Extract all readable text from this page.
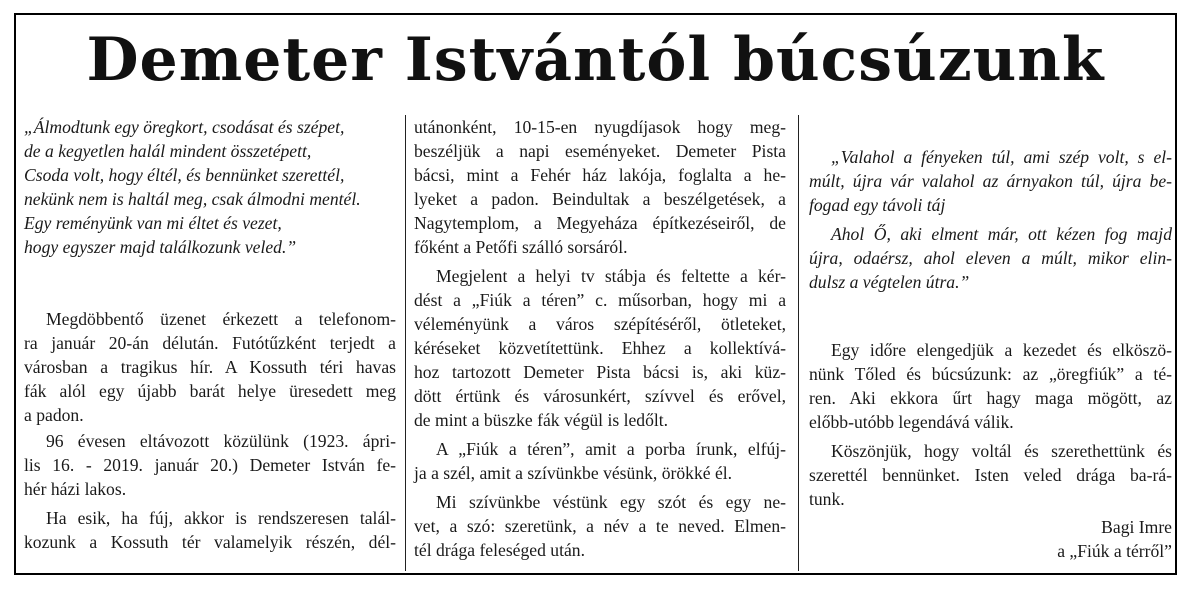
Demeter Istvántól búcsúzunk
„Álmodtunk egy öregkort, csodásat és szépet,
de a kegyetlen halál mindent összetépett,
Csoda volt, hogy éltél, és bennünket szerettél,
nekünk nem is haltál meg, csak álmodni mentél.
Egy reményünk van mi éltet és vezet,
hogy egyszer majd találkozunk veled.”
Megdöbbentő üzenet érkezett a telefonom-
ra január 20-án délután. Futótűzként terjedt a
városban a tragikus hír. A Kossuth téri havas
fák alól egy újabb barát helye üresedett meg
a padon.
96 évesen eltávozott közülünk (1923. ápri-
lis 16. - 2019. január 20.) Demeter István fe-
hér házi lakos.
Ha esik, ha fúj, akkor is rendszeresen talál-
kozunk a Kossuth tér valamelyik részén, dél-
utánonként, 10-15-en nyugdíjasok hogy meg-
beszéljük a napi eseményeket. Demeter Pista
bácsi, mint a Fehér ház lakója, foglalta a he-
lyeket a padon. Beindultak a beszélgetések, a
Nagytemplom, a Megyeháza építkezéseiről, de
főként a Petőfi szálló sorsáról.
Megjelent a helyi tv stábja és feltette a kér-
dést a „Fiúk a téren” c. műsorban, hogy mi a
véleményünk a város szépítéséről, ötleteket,
kéréseket közvetítettünk. Ehhez a kollektívá-
hoz tartozott Demeter Pista bácsi is, aki küz-
dött értünk és városunkért, szívvel és erővel,
de mint a büszke fák végül is ledőlt.
A „Fiúk a téren”, amit a porba írunk, elfúj-
ja a szél, amit a szívünkbe vésünk, örökké él.
Mi szívünkbe véstünk egy szót és egy ne-
vet, a szó: szeretünk, a név a te neved. Elmen-
tél drága feleséged után.
„Valahol a fényeken túl, ami szép volt, s el-
múlt, újra vár valahol az árnyakon túl, újra be-
fogad egy távoli táj
Ahol Ő, aki elment már, ott kézen fog majd
újra, odaérsz, ahol eleven a múlt, mikor elin-
dulsz a végtelen útra.”
Egy időre elengedjük a kezedet és elköszö-
nünk Tőled és búcsúzunk: az „öregfiúk” a té-
ren. Aki ekkora űrt hagy maga mögött, az
előbb-utóbb legendává válik.
Köszönjük, hogy voltál és szerethettünk és
szerettél bennünket. Isten veled drága ba-rá-
tunk.
Bagi Imre
a „Fiúk a térről”
